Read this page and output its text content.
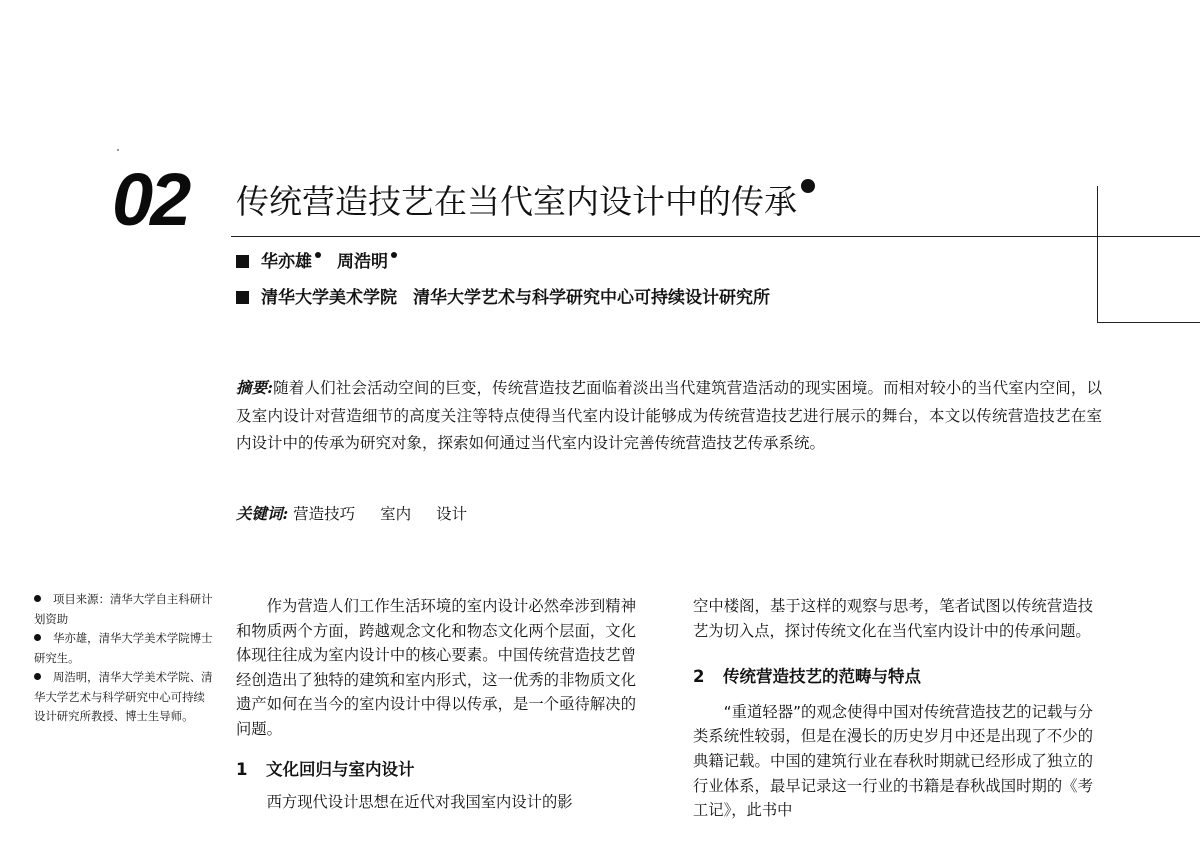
02 传统营造技艺在当代室内设计中的传承
华亦雄 周浩明
清华大学美术学院 清华大学艺术与科学研究中心可持续设计研究所
摘要:随着人们社会活动空间的巨变，传统营造技艺面临着淡出当代建筑营造活动的现实困境。而相对较小的当代室内空间，以及室内设计对营造细节的高度关注等特点使得当代室内设计能够成为传统营造技艺进行展示的舞台，本文以传统营造技艺在室内设计中的传承为研究对象，探索如何通过当代室内设计完善传统营造技艺传承系统。
关键词: 营造技巧 室内 设计
项目来源：清华大学自主科研计划资助
华亦雄，清华大学美术学院博士研究生。
周浩明，清华大学美术学院、清华大学艺术与科学研究中心可持续设计研究所教授、博士生导师。

作为营造人们工作生活环境的室内设计必然牵涉到精神和物质两个方面，跨越观念文化和物态文化两个层面，文化体现往往成为室内设计中的核心要素。中国传统营造技艺曾经创造出了独特的建筑和室内形式，这一优秀的非物质文化遗产如何在当今的室内设计中得以传承，是一个亟待解决的问题。

1 文化回归与室内设计

西方现代设计思想在近代对我国室内设计的影

空中楼阁，基于这样的观察与思考，笔者试图以传统营造技艺为切入点，探讨传统文化在当代室内设计中的传承问题。

2 传统营造技艺的范畴与特点

“重道轻器”的观念使得中国对传统营造技艺的记载与分类系统性较弱，但是在漫长的历史岁月中还是出现了不少的典籍记载。中国的建筑行业在春秋时期就已经形成了独立的行业体系，最早记录这一行业的书籍是春秋战国时期的《考工记》，此书中
